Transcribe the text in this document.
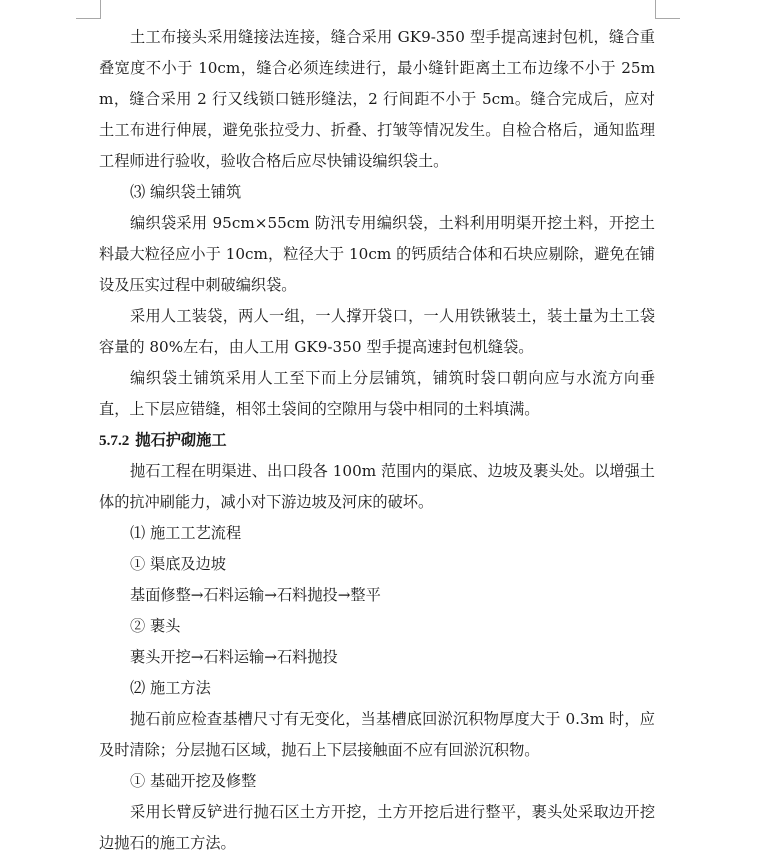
土工布接头采用缝接法连接，缝合采用 GK9-350 型手提高速封包机，缝合重叠宽度不小于 10cm，缝合必须连续进行，最小缝针距离土工布边缘不小于 25mm，缝合采用 2 行又线锁口链形缝法，2 行间距不小于 5cm。缝合完成后，应对土工布进行伸展，避免张拉受力、折叠、打皱等情况发生。自检合格后，通知监理工程师进行验收，验收合格后应尽快铺设编织袋土。

⑶ 编织袋土铺筑

编织袋采用 95cm×55cm 防汛专用编织袋，土料利用明渠开挖土料，开挖土料最大粒径应小于 10cm，粒径大于 10cm 的钙质结合体和石块应剔除，避免在铺设及压实过程中刺破编织袋。

采用人工装袋，两人一组，一人撑开袋口，一人用铁锹装土，装土量为土工袋容量的 80%左右，由人工用 GK9-350 型手提高速封包机缝袋。

编织袋土铺筑采用人工至下而上分层铺筑，铺筑时袋口朝向应与水流方向垂直，上下层应错缝，相邻土袋间的空隙用与袋中相同的土料填满。

5.7.2 抛石护砌施工

抛石工程在明渠进、出口段各 100m 范围内的渠底、边坡及裹头处。以增强土体的抗冲刷能力，减小对下游边坡及河床的破坏。

⑴ 施工工艺流程

① 渠底及边坡

基面修整→石料运输→石料抛投→整平

② 裹头

裹头开挖→石料运输→石料抛投

⑵ 施工方法

抛石前应检查基槽尺寸有无变化，当基槽底回淤沉积物厚度大于 0.3m 时，应及时清除；分层抛石区域，抛石上下层接触面不应有回淤沉积物。

① 基础开挖及修整

采用长臂反铲进行抛石区土方开挖，土方开挖后进行整平，裹头处采取边开挖边抛石的施工方法。
